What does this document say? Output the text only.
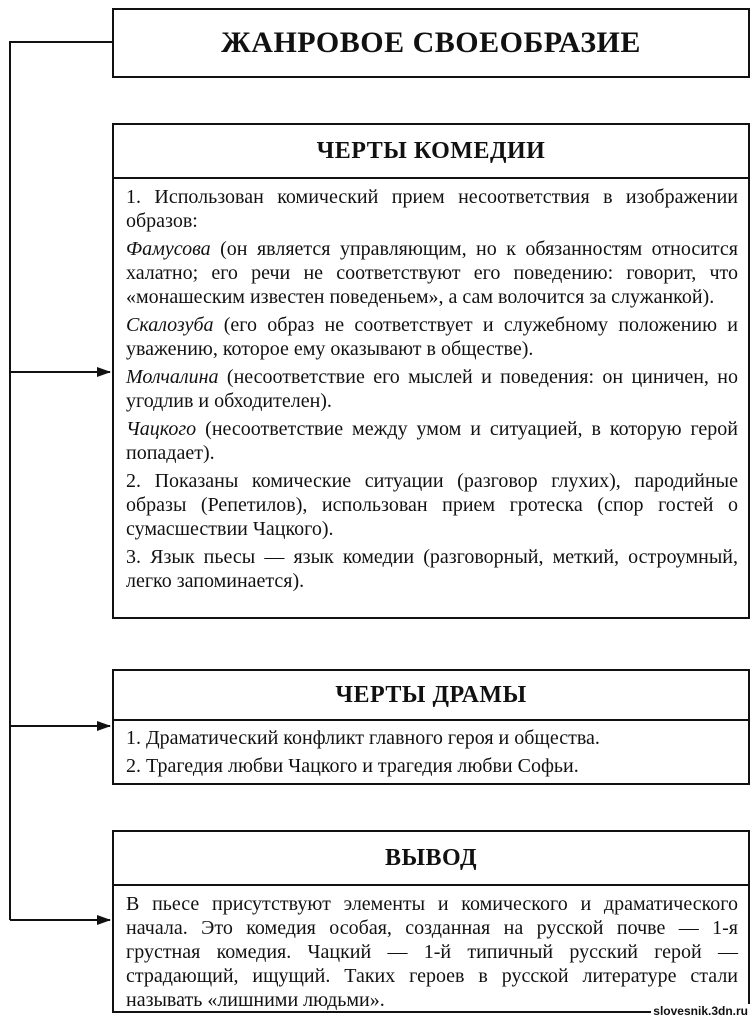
ЖАНРОВОЕ СВОЕОБРАЗИЕ
ЧЕРТЫ КОМЕДИИ

1. Использован комический прием несоответствия в изображении образов:

Фамусова (он является управляющим, но к обязанностям относится халатно; его речи не соответствуют его поведению: говорит, что «монашеским известен поведеньем», а сам волочится за служанкой).

Скалозуба (его образ не соответствует и служебному положению и уважению, которое ему оказывают в обществе).

Молчалина (несоответствие его мыслей и поведения: он циничен, но угодлив и обходителен).

Чацкого (несоответствие между умом и ситуацией, в которую герой попадает).

2. Показаны комические ситуации (разговор глухих), пародийные образы (Репетилов), использован прием гротеска (спор гостей о сумасшествии Чацкого).

3. Язык пьесы — язык комедии (разговорный, меткий, остроумный, легко запоминается).

ЧЕРТЫ ДРАМЫ

1. Драматический конфликт главного героя и общества.

2. Трагедия любви Чацкого и трагедия любви Софьи.

ВЫВОД

В пьесе присутствуют элементы и комического и драматического начала. Это комедия особая, созданная на русской почве — 1-я грустная комедия. Чацкий — 1-й типичный русский герой — страдающий, ищущий. Таких героев в русской литературе стали называть «лишними людьми».	slovesnik.3dn.ru
